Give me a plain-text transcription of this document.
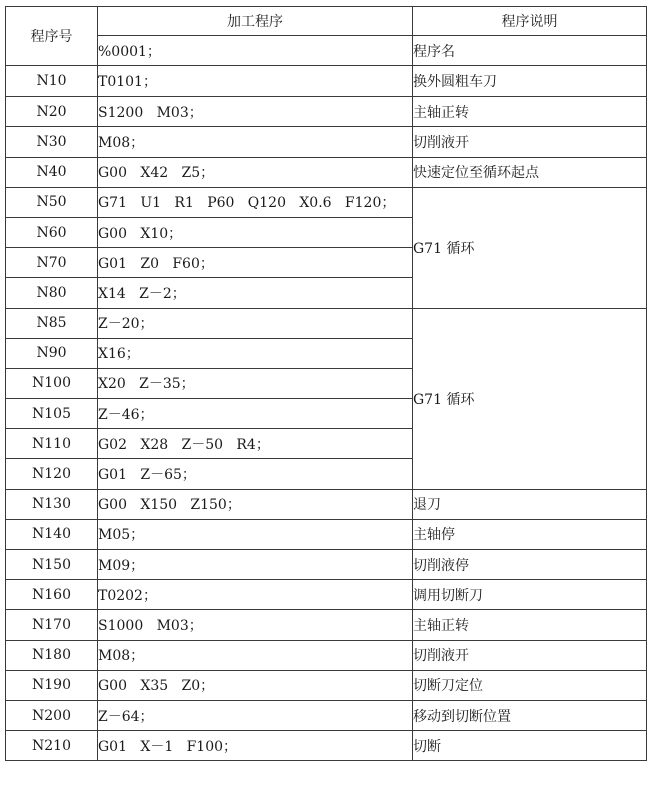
程序号	加工程序	程序说明
	%0001；	程序名
N10	T0101；	换外圆粗车刀
N20	S1200   M03；	主轴正转
N30	M08；	切削液开
N40	G00   X42   Z5；	快速定位至循环起点
N50	G71   U1   R1   P60   Q120   X0.6   F120；	G71 循环
N60	G00   X10；	
N70	G01   Z0   F60；	
N80	X14   Z－2；	
N85	Z－20；	G71 循环
N90	X16；	
N100	X20   Z－35；	
N105	Z－46；	
N110	G02   X28   Z－50   R4；	
N120	G01   Z－65；	
N130	G00   X150   Z150；	退刀
N140	M05；	主轴停
N150	M09；	切削液停
N160	T0202；	调用切断刀
N170	S1000   M03；	主轴正转
N180	M08；	切削液开
N190	G00   X35   Z0；	切断刀定位
N200	Z－64；	移动到切断位置
N210	G01   X－1   F100；	切断
